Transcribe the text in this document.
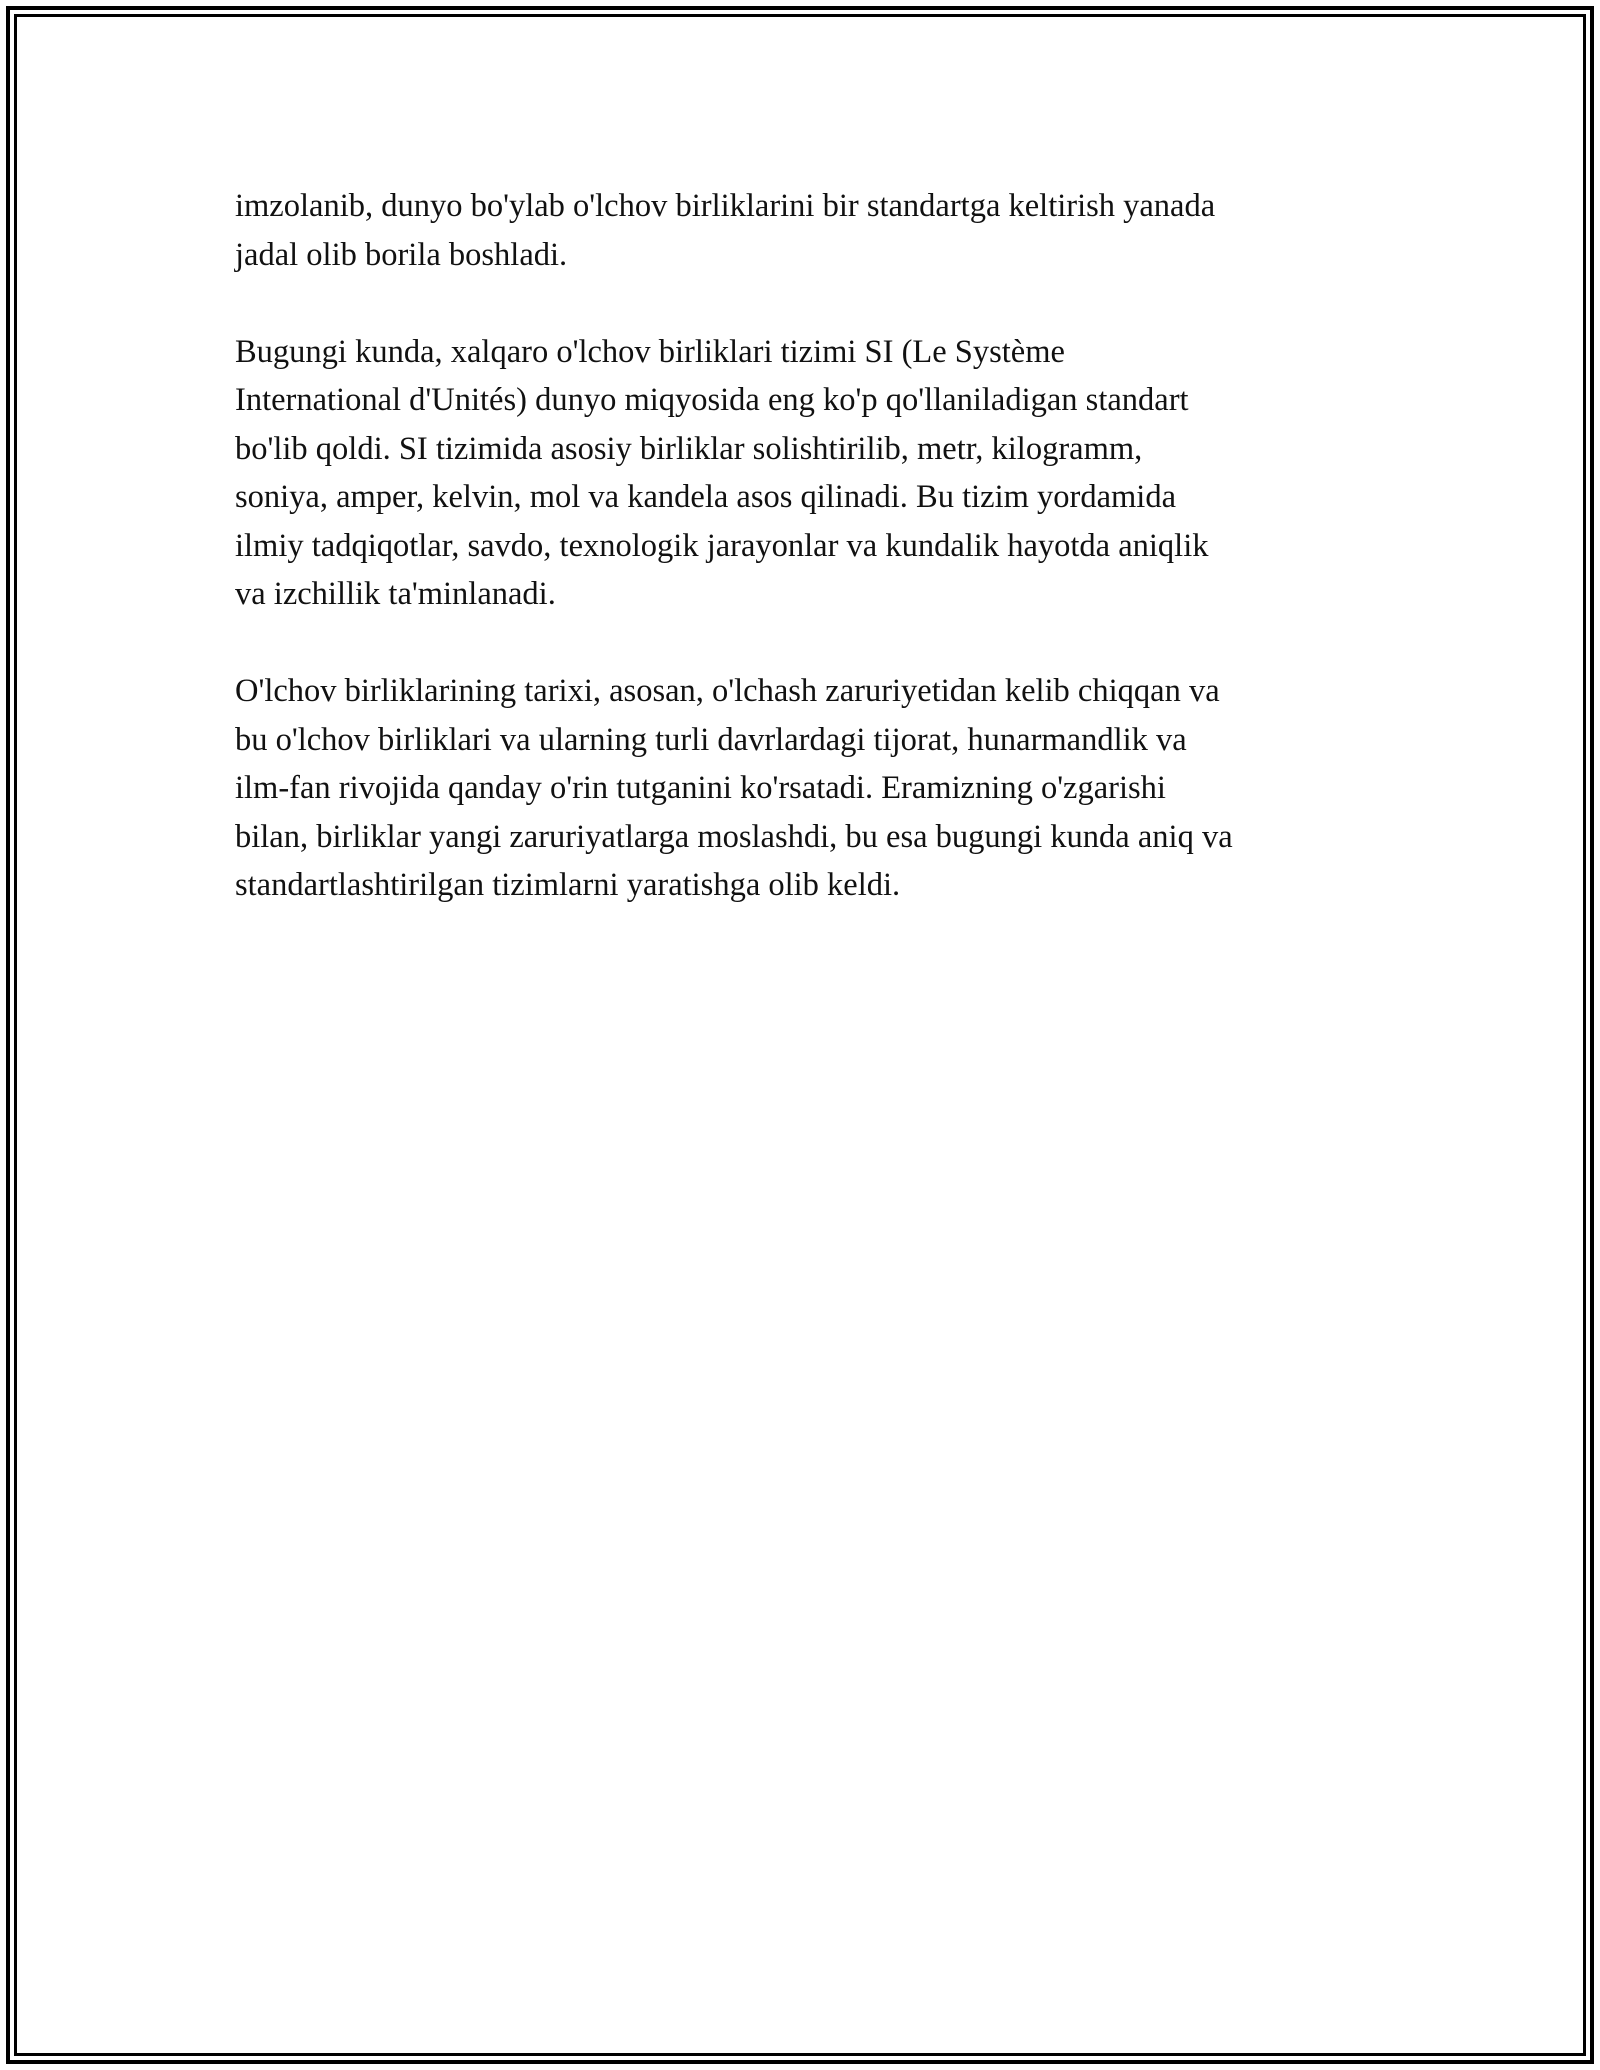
imzolanib, dunyo bo'ylab o'lchov birliklarini bir standartga keltirish yanada
jadal olib borila boshladi.

Bugungi kunda, xalqaro o'lchov birliklari tizimi SI (Le Système
International d'Unités) dunyo miqyosida eng ko'p qo'llaniladigan standart
bo'lib qoldi. SI tizimida asosiy birliklar solishtirilib, metr, kilogramm,
soniya, amper, kelvin, mol va kandela asos qilinadi. Bu tizim yordamida
ilmiy tadqiqotlar, savdo, texnologik jarayonlar va kundalik hayotda aniqlik
va izchillik ta'minlanadi.

O'lchov birliklarining tarixi, asosan, o'lchash zaruriyetidan kelib chiqqan va
bu o'lchov birliklari va ularning turli davrlardagi tijorat, hunarmandlik va
ilm-fan rivojida qanday o'rin tutganini ko'rsatadi. Eramizning o'zgarishi
bilan, birliklar yangi zaruriyatlarga moslashdi, bu esa bugungi kunda aniq va
standartlashtirilgan tizimlarni yaratishga olib keldi.
